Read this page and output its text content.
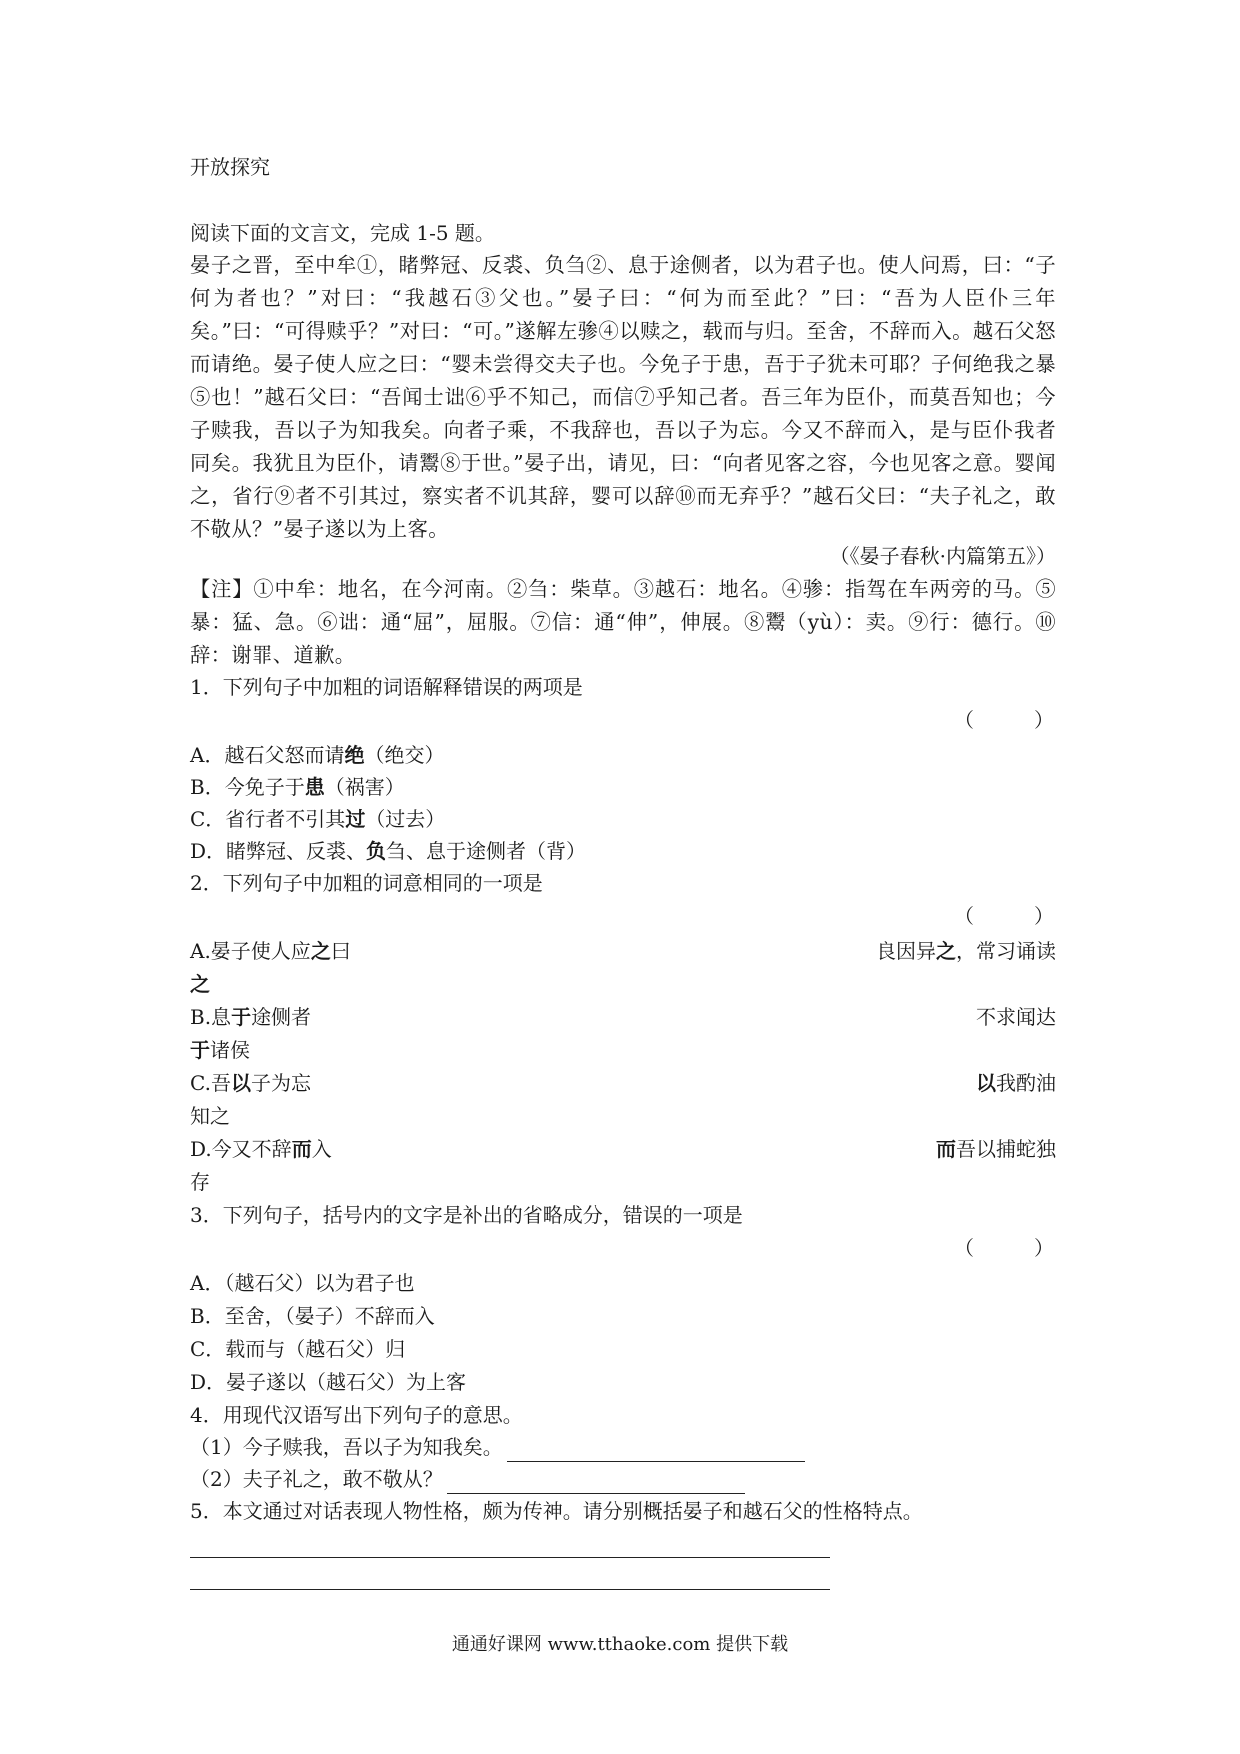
开放探究
阅读下面的文言文，完成 1-5 题。
晏子之晋，至中牟①，睹弊冠、反裘、负刍②、息于途侧者，以为君子也。使人问焉，曰：“子何为者也？”对曰：“我越石③父也。”晏子曰：“何为而至此？”曰：“吾为人臣仆三年矣。”曰：“可得赎乎？”对曰：“可。”遂解左骖④以赎之，载而与归。至舍，不辞而入。越石父怒而请绝。晏子使人应之曰：“婴未尝得交夫子也。今免子于患，吾于子犹未可耶？子何绝我之暴⑤也！”越石父曰：“吾闻士诎⑥乎不知己，而信⑦乎知己者。吾三年为臣仆，而莫吾知也；今子赎我，吾以子为知我矣。向者子乘，不我辞也，吾以子为忘。今又不辞而入，是与臣仆我者同矣。我犹且为臣仆，请鬻⑧于世。”晏子出，请见，曰：“向者见客之容，今也见客之意。婴闻之，省行⑨者不引其过，察实者不讥其辞，婴可以辞⑩而无弃乎？”越石父曰：“夫子礼之，敢不敬从？”晏子遂以为上客。
（《晏子春秋·内篇第五》）
【注】①中牟：地名，在今河南。②刍：柴草。③越石：地名。④骖：指驾在车两旁的马。⑤暴：猛、急。⑥诎：通“屈”，屈服。⑦信：通“伸”，伸展。⑧鬻（yù）：卖。⑨行：德行。⑩辞：谢罪、道歉。
1．下列句子中加粗的词语解释错误的两项是
（　　　）
A．越石父怒而请绝（绝交）
B．今免子于患（祸害）
C．省行者不引其过（过去）
D．睹弊冠、反裘、负刍、息于途侧者（背）
2．下列句子中加粗的词意相同的一项是
（　　　）
A.晏子使人应之曰	良因异之，常习诵读
之
B.息于途侧者	不求闻达
于诸侯
C.吾以子为忘	以我酌油
知之
D.今又不辞而入	而吾以捕蛇独
存
3．下列句子，括号内的文字是补出的省略成分，错误的一项是
（　　　）
A．（越石父）以为君子也
B．至舍，（晏子）不辞而入
C．载而与（越石父）归
D．晏子遂以（越石父）为上客
4．用现代汉语写出下列句子的意思。
（1）今子赎我，吾以子为知我矣。
（2）夫子礼之，敢不敬从？
5．本文通过对话表现人物性格，颇为传神。请分别概括晏子和越石父的性格特点。
通通好课网 www.tthaoke.com 提供下载
